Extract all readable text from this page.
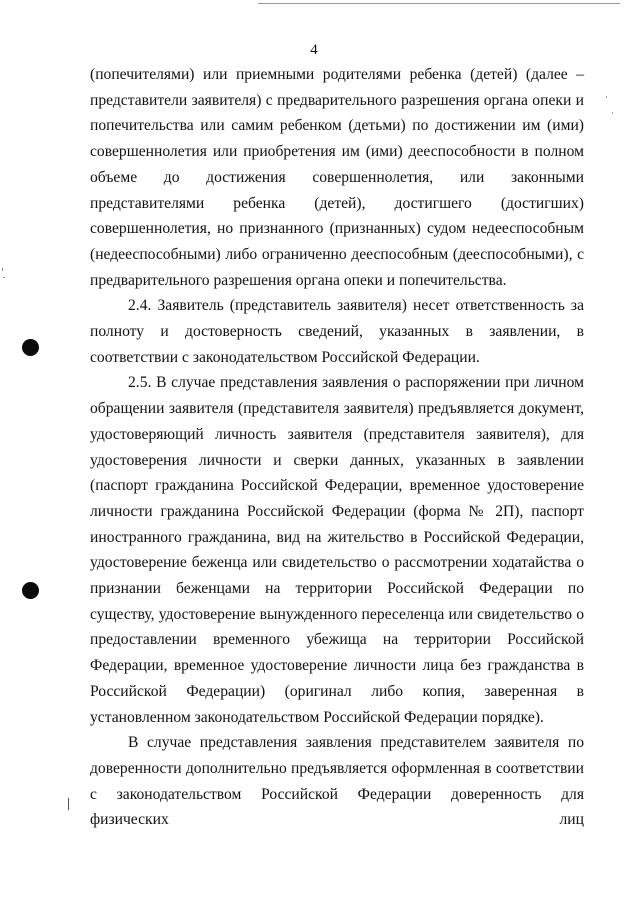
4

(попечителями) или приемными родителями ребенка (детей) (далее – представители заявителя) с предварительного разрешения органа опеки и попечительства или самим ребенком (детьми) по достижении им (ими) совершеннолетия или приобретения им (ими) дееспособности в полном объеме до достижения совершеннолетия, или законными представителями ребенка (детей), достигшего (достигших) совершеннолетия, но признанного (признанных) судом недееспособным (недееспособными) либо ограниченно дееспособным (дееспособными), с предварительного разрешения органа опеки и попечительства.

2.4. Заявитель (представитель заявителя) несет ответственность за полноту и достоверность сведений, указанных в заявлении, в соответствии с законодательством Российской Федерации.

2.5. В случае представления заявления о распоряжении при личном обращении заявителя (представителя заявителя) предъявляется документ, удостоверяющий личность заявителя (представителя заявителя), для удостоверения личности и сверки данных, указанных в заявлении (паспорт гражданина Российской Федерации, временное удостоверение личности гражданина Российской Федерации (форма № 2П), паспорт иностранного гражданина, вид на жительство в Российской Федерации, удостоверение беженца или свидетельство о рассмотрении ходатайства о признании беженцами на территории Российской Федерации по существу, удостоверение вынужденного переселенца или свидетельство о предоставлении временного убежища на территории Российской Федерации, временное удостоверение личности лица без гражданства в Российской Федерации) (оригинал либо копия, заверенная в установленном законодательством Российской Федерации порядке).

В случае представления заявления представителем заявителя по доверенности дополнительно предъявляется оформленная в соответствии с законодательством Российской Федерации доверенность для физических лиц
